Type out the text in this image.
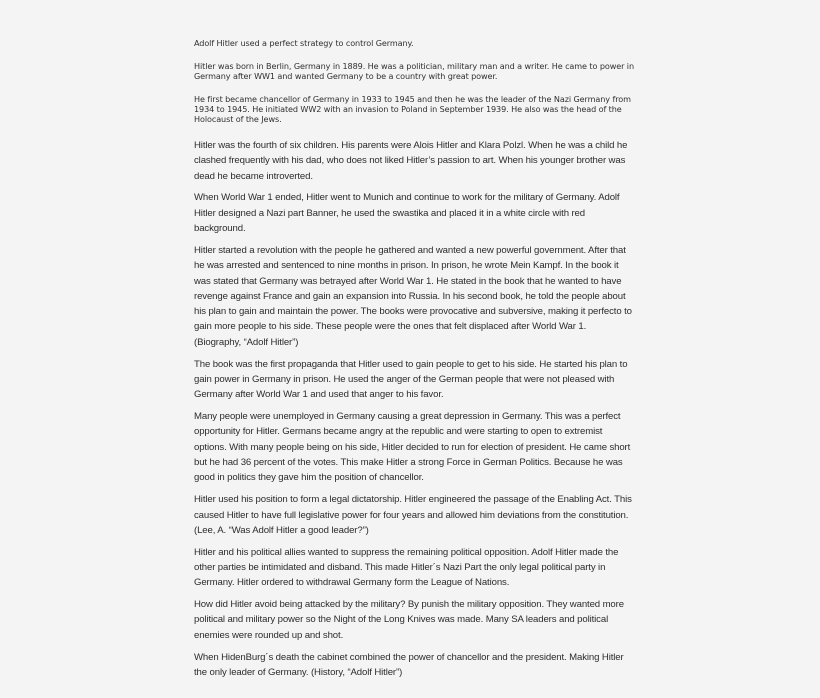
Adolf Hitler used a perfect strategy to control Germany.

Hitler was born in Berlin, Germany in 1889. He was a politician, military man and a writer. He came to power in Germany after WW1 and wanted Germany to be a country with great power.

He first became chancellor of Germany in 1933 to 1945 and then he was the leader of the Nazi Germany from 1934 to 1945. He initiated WW2 with an invasion to Poland in September 1939. He also was the head of the Holocaust of the Jews.

Hitler was the fourth of six children. His parents were Alois Hitler and Klara Polzl. When he was a child he clashed frequently with his dad, who does not liked Hitler’s passion to art. When his younger brother was dead he became introverted.

When World War 1 ended, Hitler went to Munich and continue to work for the military of Germany. Adolf Hitler designed a Nazi part Banner, he used the swastika and placed it in a white circle with red background.

Hitler started a revolution with the people he gathered and wanted a new powerful government. After that he was arrested and sentenced to nine months in prison. In prison, he wrote Mein Kampf. In the book it was stated that Germany was betrayed after World War 1. He stated in the book that he wanted to have revenge against France and gain an expansion into Russia. In his second book, he told the people about his plan to gain and maintain the power. The books were provocative and subversive, making it perfecto to gain more people to his side. These people were the ones that felt displaced after World War 1. (Biography, “Adolf Hitler”)

The book was the first propaganda that Hitler used to gain people to get to his side. He started his plan to gain power in Germany in prison. He used the anger of the German people that were not pleased with Germany after World War 1 and used that anger to his favor.

Many people were unemployed in Germany causing a great depression in Germany. This was a perfect opportunity for Hitler. Germans became angry at the republic and were starting to open to extremist options. With many people being on his side, Hitler decided to run for election of president. He came short but he had 36 percent of the votes. This make Hitler a strong Force in German Politics. Because he was good in politics they gave him the position of chancellor.

Hitler used his position to form a legal dictatorship. Hitler engineered the passage of the Enabling Act. This caused Hitler to have full legislative power for four years and allowed him deviations from the constitution. (Lee, A. “Was Adolf Hitler a good leader?”)

Hitler and his political allies wanted to suppress the remaining political opposition. Adolf Hitler made the other parties be intimidated and disband. This made Hitler´s Nazi Part the only legal political party in Germany. Hitler ordered to withdrawal Germany form the League of Nations.

How did Hitler avoid being attacked by the military? By punish the military opposition. They wanted more political and military power so the Night of the Long Knives was made. Many SA leaders and political enemies were rounded up and shot.

When HidenBurg´s death the cabinet combined the power of chancellor and the president. Making Hitler the only leader of Germany. (History, “Adolf Hitler”)
